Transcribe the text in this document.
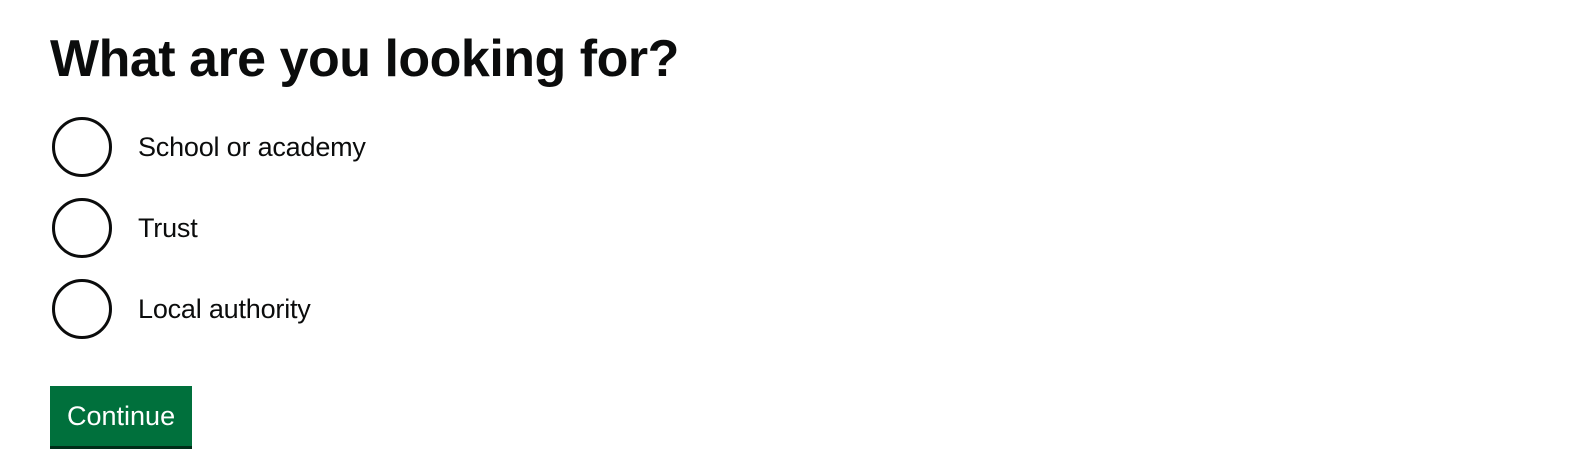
What are you looking for?
School or academy
Trust
Local authority
Continue
